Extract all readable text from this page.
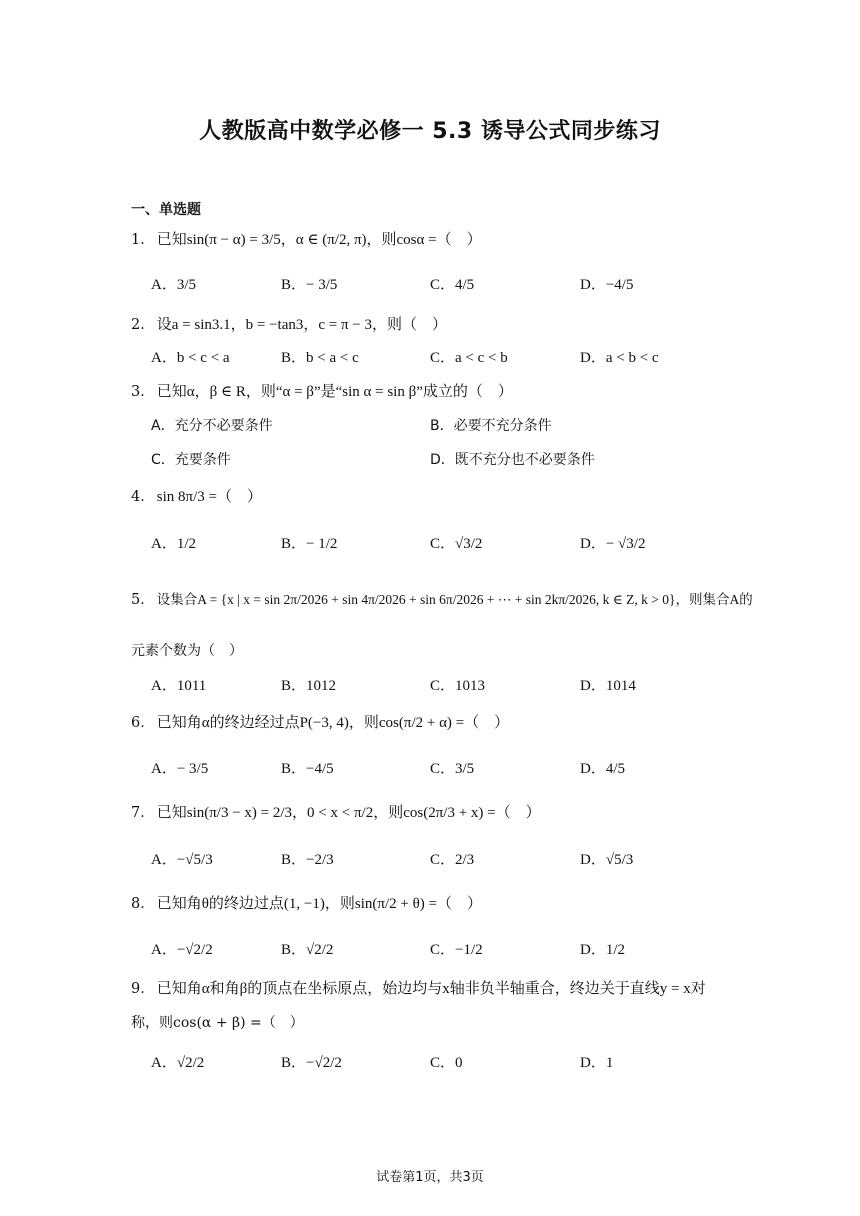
人教版高中数学必修一 5.3 诱导公式同步练习
一、单选题
1． 已知sin(π − α) = 3/5，α ∈ (π/2, π)，则cosα =（　）
A．3/5	B．− 3/5	C．4/5	D．−4/5
2． 设a = sin3.1，b = −tan3，c = π − 3，则（　）
A．b < c < a	B．b < a < c	C．a < c < b	D．a < b < c
3． 已知α，β ∈ R，则“α = β”是“sin α = sin β”成立的（　）
A．充分不必要条件	B．必要不充分条件
C．充要条件	D．既不充分也不必要条件
4． sin 8π/3 =（　）
A．1/2	B．− 1/2	C．√3/2	D．− √3/2
5． 设集合A = {x | x = sin 2π/2026 + sin 4π/2026 + sin 6π/2026 + ⋯ + sin 2kπ/2026, k ∈ Z, k > 0}，则集合A的
元素个数为（　）
A．1011	B．1012	C．1013	D．1014
6． 已知角α的终边经过点P(−3, 4)，则cos(π/2 + α) =（　）
A．− 3/5	B．−4/5	C．3/5	D．4/5
7． 已知sin(π/3 − x) = 2/3，0 < x < π/2，则cos(2π/3 + x) =（　）
A．−√5/3	B．−2/3	C．2/3	D．√5/3
8． 已知角θ的终边过点(1, −1)，则sin(π/2 + θ) =（　）
A．−√2/2	B．√2/2	C．−1/2	D．1/2
9． 已知角α和角β的顶点在坐标原点，始边均与x轴非负半轴重合，终边关于直线y = x对
称，则cos(α + β) =（　）
A．√2/2	B．−√2/2	C．0	D．1
试卷第1页，共3页
